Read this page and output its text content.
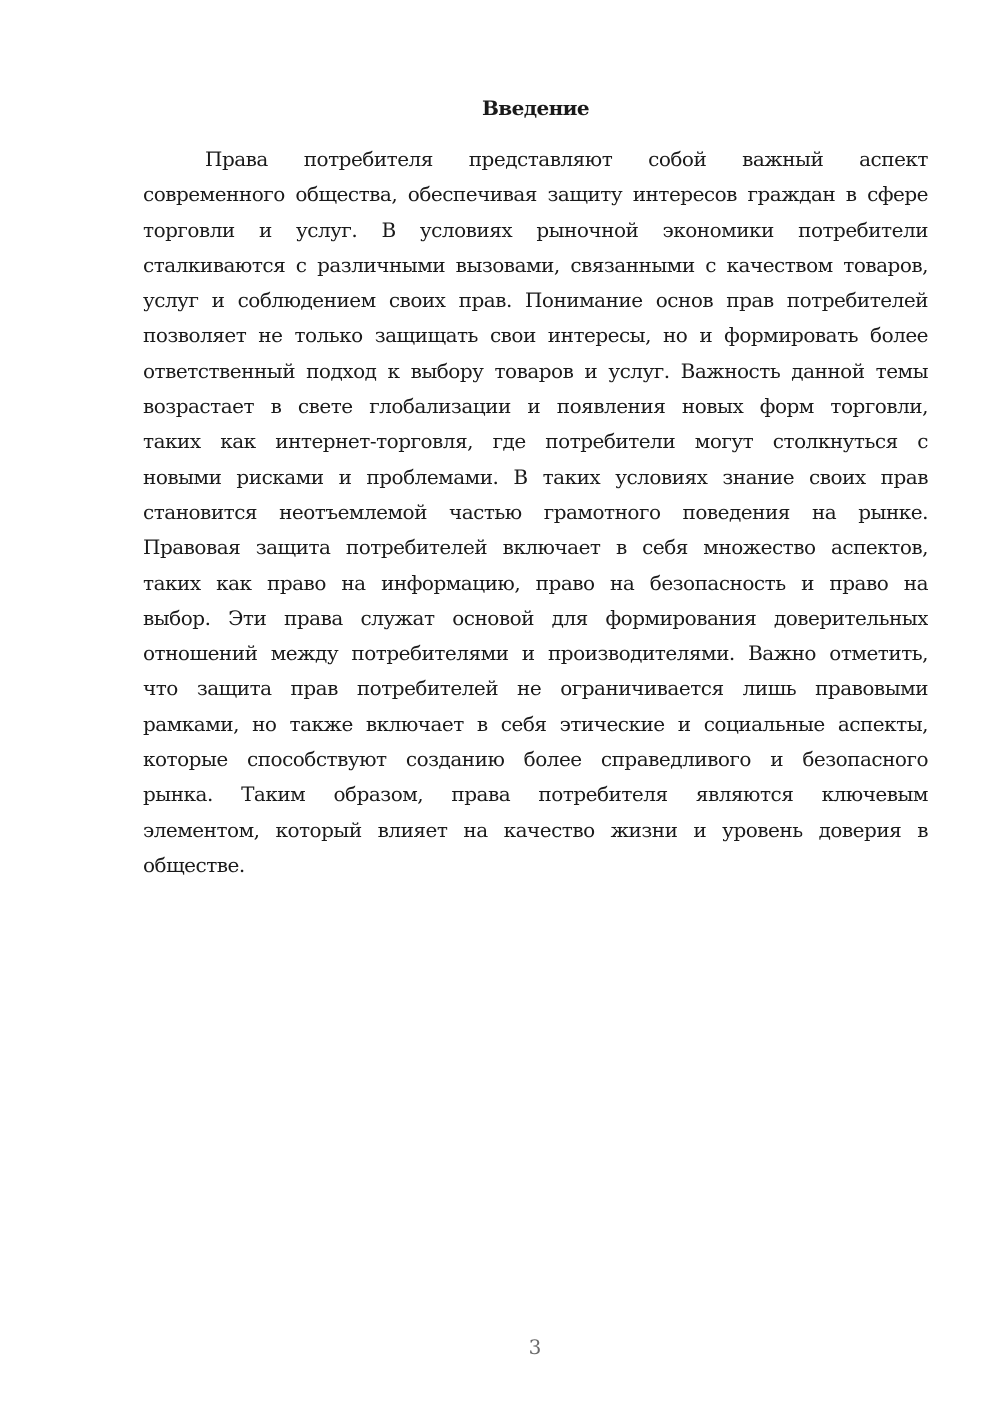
Введение
Права потребителя представляют собой важный аспект
современного общества, обеспечивая защиту интересов граждан в сфере
торговли и услуг. В условиях рыночной экономики потребители
сталкиваются с различными вызовами, связанными с качеством товаров,
услуг и соблюдением своих прав. Понимание основ прав потребителей
позволяет не только защищать свои интересы, но и формировать более
ответственный подход к выбору товаров и услуг. Важность данной темы
возрастает в свете глобализации и появления новых форм торговли,
таких как интернет-торговля, где потребители могут столкнуться с
новыми рисками и проблемами. В таких условиях знание своих прав
становится неотъемлемой частью грамотного поведения на рынке.
Правовая защита потребителей включает в себя множество аспектов,
таких как право на информацию, право на безопасность и право на
выбор. Эти права служат основой для формирования доверительных
отношений между потребителями и производителями. Важно отметить,
что защита прав потребителей не ограничивается лишь правовыми
рамками, но также включает в себя этические и социальные аспекты,
которые способствуют созданию более справедливого и безопасного
рынка. Таким образом, права потребителя являются ключевым
элементом, который влияет на качество жизни и уровень доверия в
обществе.
3
